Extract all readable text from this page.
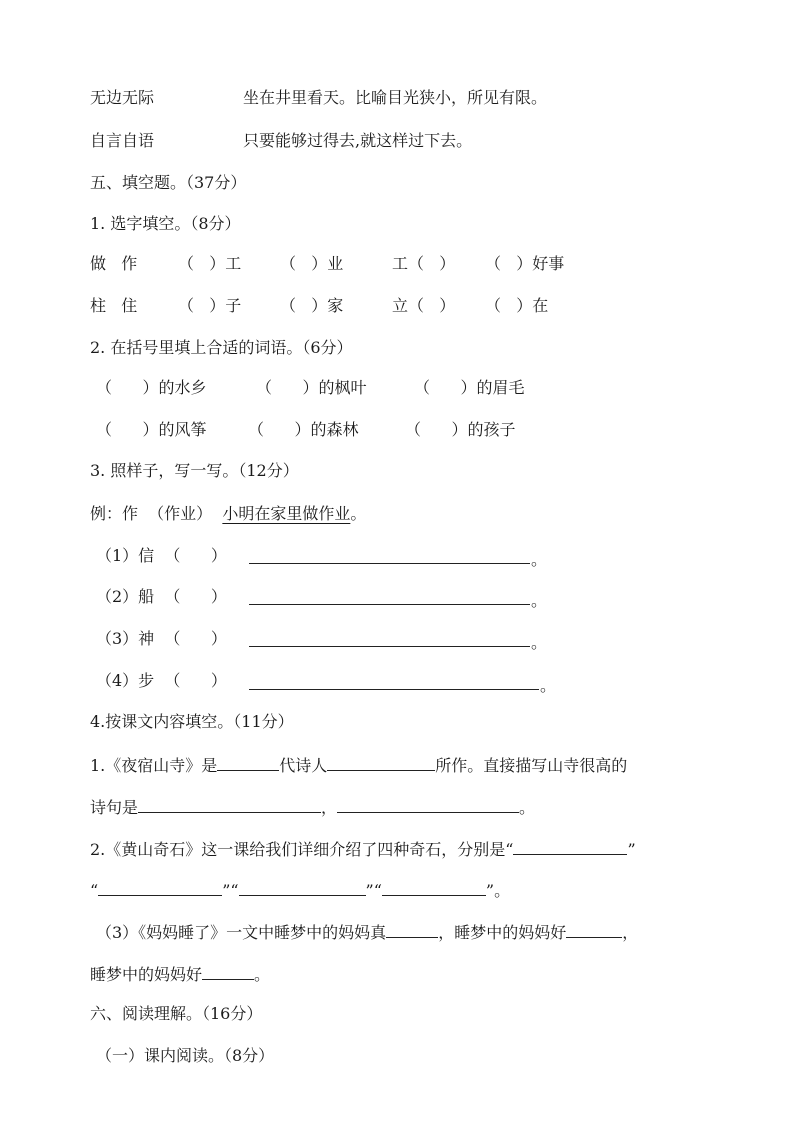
无边无际	坐在井里看天。比喻目光狭小，所见有限。
自言自语	只要能够过得去,就这样过下去。
五、填空题。（37分）
1. 选字填空。（8分）
做   作	（   ）工 （   ）业	工（   ） （   ）好事
柱   住	（   ）子 （   ）家	立（   ） （   ）在
2. 在括号里填上合适的词语。（6分）
（      ）的水乡	（      ）的枫叶	（      ）的眉毛
（      ）的风筝	（      ）的森林	（      ）的孩子
3. 照样子，写一写。（12分）
例：作  （作业） 小明在家里做作业。
（1）信  （      ）	。
（2）船  （      ）	。
（3）神  （      ）	。
（4）步  （      ）	。
4.按课文内容填空。（11分）
1.《夜宿山寺》是	代诗人	所作。直接描写山寺很高的
诗句是	，	。
2.《黄山奇石》这一课给我们详细介绍了四种奇石，分别是“	”
“	”“	”“	”。
（3）《妈妈睡了》一文中睡梦中的妈妈真	，睡梦中的妈妈好	，
睡梦中的妈妈好	。
六、阅读理解。（16分）
（一）课内阅读。（8分）
